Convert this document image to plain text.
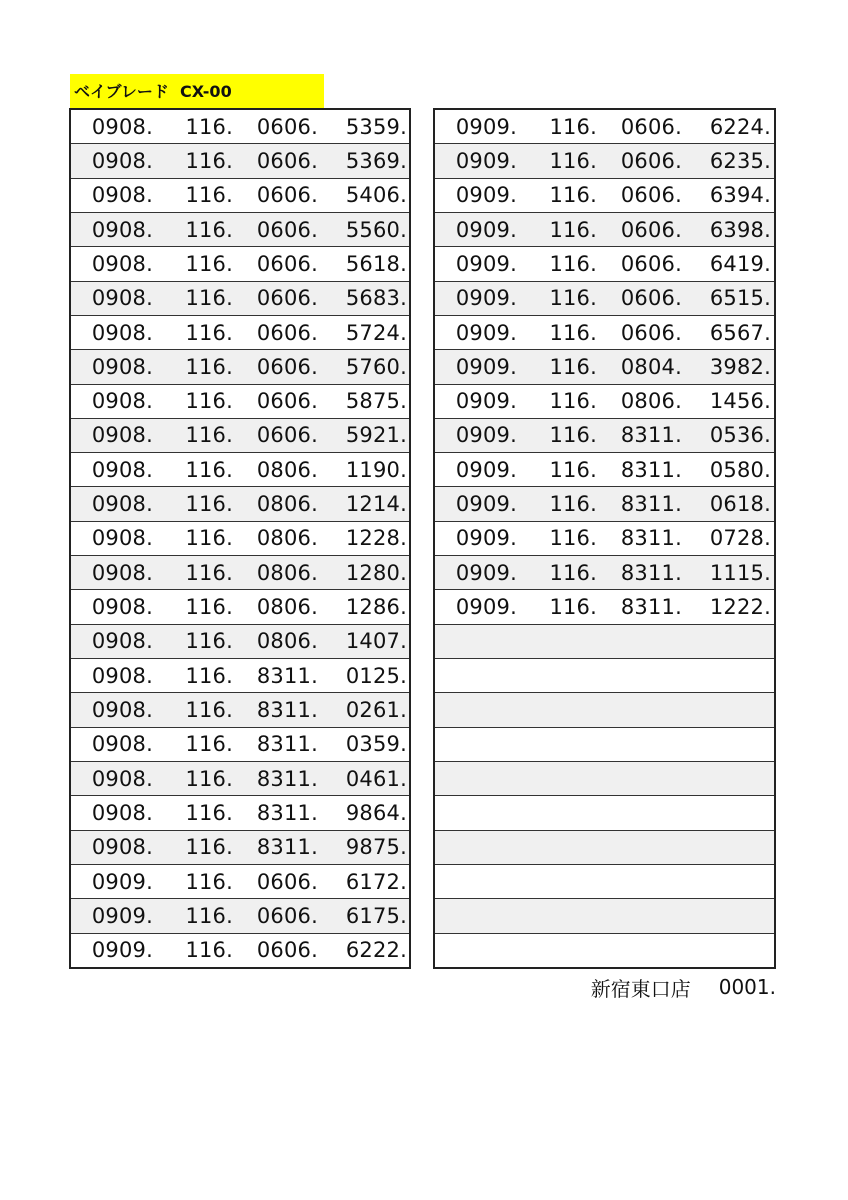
ベイブレード  CX-00
0908.	116.	0606.	5359.
0908.	116.	0606.	5369.
0908.	116.	0606.	5406.
0908.	116.	0606.	5560.
0908.	116.	0606.	5618.
0908.	116.	0606.	5683.
0908.	116.	0606.	5724.
0908.	116.	0606.	5760.
0908.	116.	0606.	5875.
0908.	116.	0606.	5921.
0908.	116.	0806.	1190.
0908.	116.	0806.	1214.
0908.	116.	0806.	1228.
0908.	116.	0806.	1280.
0908.	116.	0806.	1286.
0908.	116.	0806.	1407.
0908.	116.	8311.	0125.
0908.	116.	8311.	0261.
0908.	116.	8311.	0359.
0908.	116.	8311.	0461.
0908.	116.	8311.	9864.
0908.	116.	8311.	9875.
0909.	116.	0606.	6172.
0909.	116.	0606.	6175.
0909.	116.	0606.	6222.
0909.	116.	0606.	6224.
0909.	116.	0606.	6235.
0909.	116.	0606.	6394.
0909.	116.	0606.	6398.
0909.	116.	0606.	6419.
0909.	116.	0606.	6515.
0909.	116.	0606.	6567.
0909.	116.	0804.	3982.
0909.	116.	0806.	1456.
0909.	116.	8311.	0536.
0909.	116.	8311.	0580.
0909.	116.	8311.	0618.
0909.	116.	8311.	0728.
0909.	116.	8311.	1115.
0909.	116.	8311.	1222.
新宿東口店 0001.
